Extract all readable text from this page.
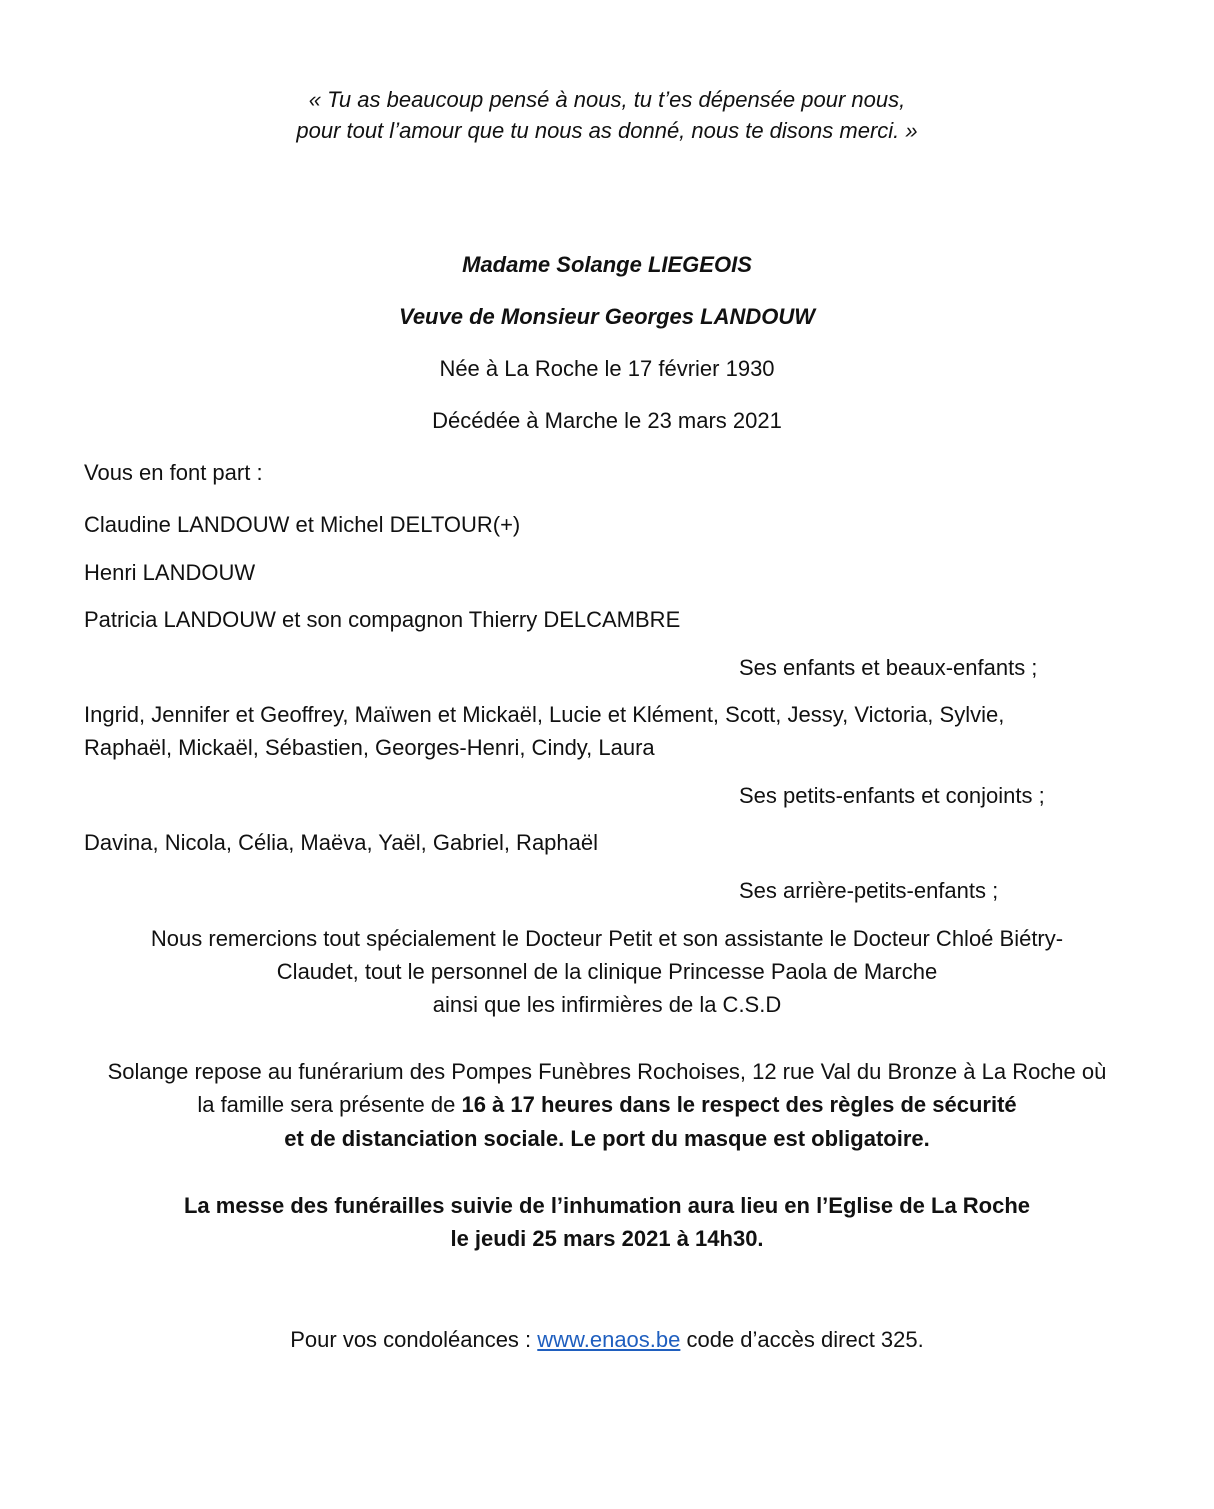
« Tu as beaucoup pensé à nous, tu t’es dépensée pour nous,

pour tout l’amour que tu nous as donné, nous te disons merci. »

Madame Solange LIEGEOIS

Veuve de Monsieur Georges LANDOUW

Née à La Roche le 17 février 1930

Décédée à Marche le 23 mars 2021

Vous en font part :

Claudine LANDOUW et Michel DELTOUR(+)

Henri LANDOUW

Patricia LANDOUW et son compagnon Thierry DELCAMBRE

Ses enfants et beaux-enfants ;

Ingrid, Jennifer et Geoffrey, Maïwen et Mickaël, Lucie et Klément, Scott, Jessy, Victoria, Sylvie,

Raphaël, Mickaël, Sébastien, Georges-Henri, Cindy, Laura

Ses petits-enfants et conjoints ;

Davina, Nicola, Célia, Maëva, Yaël, Gabriel, Raphaël

Ses arrière-petits-enfants ;

Nous remercions tout spécialement le Docteur Petit et son assistante le Docteur Chloé Biétry-

Claudet, tout le personnel de la clinique Princesse Paola de Marche

ainsi que les infirmières de la C.S.D

Solange repose au funérarium des Pompes Funèbres Rochoises, 12 rue Val du Bronze à La Roche où

la famille sera présente de 16 à 17 heures dans le respect des règles de sécurité

et de distanciation sociale. Le port du masque est obligatoire.

La messe des funérailles suivie de l’inhumation aura lieu en l’Eglise de La Roche

le jeudi 25 mars 2021 à 14h30.

Pour vos condoléances : www.enaos.be code d’accès direct 325.
